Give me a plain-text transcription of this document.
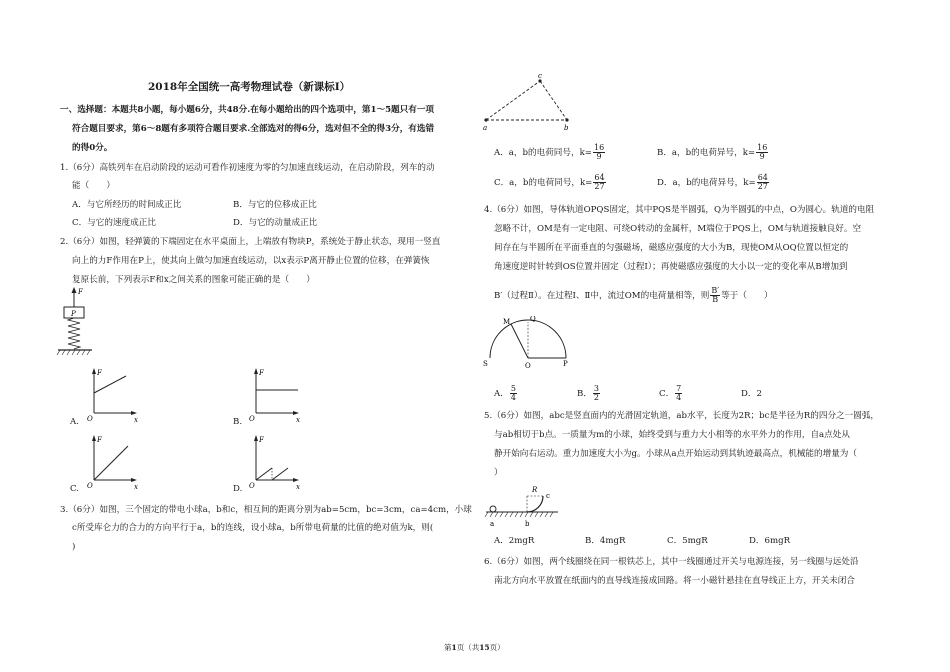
2018年全国统一高考物理试卷（新课标Ⅰ）
一、选择题：本题共8小题，每小题6分，共48分.在每小题给出的四个选项中，第1～5题只有一项
符合题目要求，第6～8题有多项符合题目要求.全部选对的得6分，选对但不全的得3分，有选错
的得0分。
1.（6分）高铁列车在启动阶段的运动可看作初速度为零的匀加速直线运动，在启动阶段，列车的动
能（　　）
A．与它所经历的时间成正比	B．与它的位移成正比
C．与它的速度成正比	D．与它的动量成正比
2.（6分）如图，轻弹簧的下端固定在水平桌面上，上端放有物块P，系统处于静止状态，现用一竖直
向上的力F作用在P上，使其向上做匀加速直线运动，以x表示P离开静止位置的位移，在弹簧恢
复原长前，下列表示F和x之间关系的图象可能正确的是（　　）
F
P
A.
F
x
O	B.
F
x
O
C.
F
x
O	D.
F
x
O
3.（6分）如图，三个固定的带电小球a，b和c，相互间的距离分别为ab=5cm，bc=3cm，ca=4cm，小球
c所受库仑力的合力的方向平行于a，b的连线，设小球a，b所带电荷量的比值的绝对值为k，则(
)
a	b
c
A．a，b的电荷同号，$k= \frac{16}{9}$	B．a，b的电荷异号，$k= \frac{16}{9}$
C．a，b的电荷同号，$k= \frac{64}{27}$	D．a，b的电荷异号，$k= \frac{64}{27}$
4.（6分）如图，导体轨道OPQS固定，其中PQS是半圆弧，Q为半圆弧的中点，O为圆心。轨道的电阻
忽略不计，OM是有一定电阻、可绕O转动的金属杆，M端位于PQS上，OM与轨道接触良好。空
间存在与半圆所在平面垂直的匀强磁场，磁感应强度的大小为B，现使OM从OQ位置以恒定的
角速度逆时针转到OS位置并固定（过程Ⅰ）；再使磁感应强度的大小以一定的变化率从B增加到
B′（过程Ⅱ）。在过程Ⅰ、Ⅱ中，流过OM的电荷量相等，则 $\frac{B'}{B}$ 等于（　　）
M	Q
S	O	P
A． $\frac{5}{4}$	B． $\frac{3}{2}$	C． $\frac{7}{4}$	D．2
5.（6分）如图，abc是竖直面内的光滑固定轨道，ab水平，长度为2R；bc是半径为R的四分之一圆弧，
与ab相切于b点。一质量为m的小球，始终受到与重力大小相等的水平外力的作用，自a点处从
静开始向右运动。重力加速度大小为g。小球从a点开始运动到其轨迹最高点，机械能的增量为（
）
R
c
a	b
A．2mgR	B．4mgR	C．5mgR	D．6mgR
6.（6分）如图，两个线圈绕在同一根铁芯上，其中一线圈通过开关与电源连接，另一线圈与远处沿
南北方向水平放置在纸面内的直导线连接成回路。将一小磁针悬挂在直导线正上方，开关未闭合
第1页（共15页）
